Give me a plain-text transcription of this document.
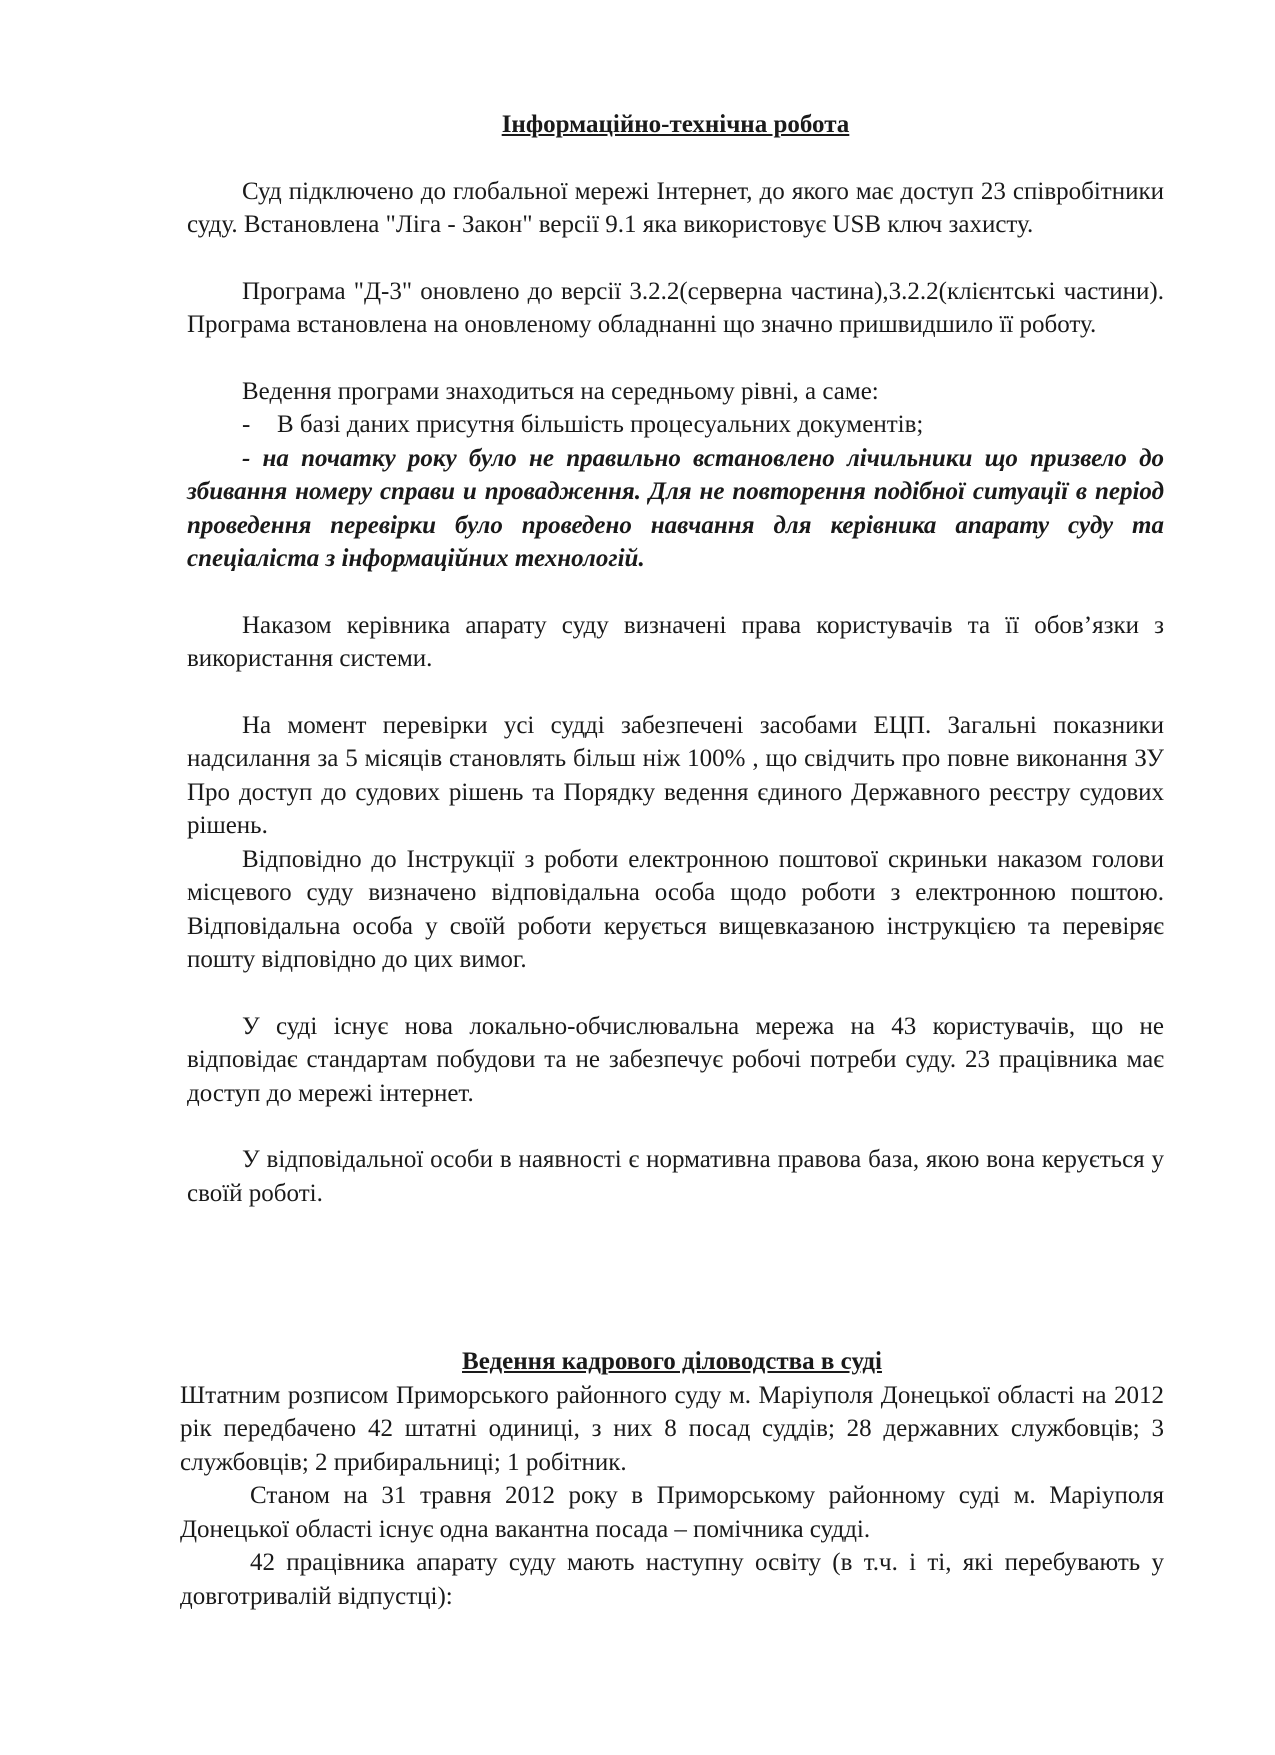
Інформаційно-технічна робота

Суд підключено до глобальної мережі Інтернет, до якого має доступ 23 співробітники суду. Встановлена "Ліга - Закон" версії 9.1 яка використовує USB ключ захисту.

Програма "Д-3" оновлено до версії 3.2.2(серверна частина),3.2.2(клієнтські частини). Програма встановлена на оновленому обладнанні що значно пришвидшило її роботу.

Ведення програми знаходиться на середньому рівні, а саме:

- В базі даних присутня більшість процесуальних документів;

- на початку року було не правильно встановлено лічильники що призвело до збивання номеру справи и провадження. Для не повторення подібної ситуації в період проведення перевірки було проведено навчання для керівника апарату суду та спеціаліста з інформаційних технологій.

Наказом керівника апарату суду визначені права користувачів та її обов’язки з використання системи.

На момент перевірки усі судді забезпечені засобами ЕЦП. Загальні показники надсилання за 5 місяців становлять більш ніж 100% , що свідчить про повне виконання ЗУ Про доступ до судових рішень та Порядку ведення єдиного Державного реєстру судових рішень.

Відповідно до Інструкції з роботи електронною поштової скриньки наказом голови місцевого суду визначено відповідальна особа щодо роботи з електронною поштою. Відповідальна особа у своїй роботи керується вищевказаною інструкцією та перевіряє пошту відповідно до цих вимог.

У суді існує нова локально-обчислювальна мережа на 43 користувачів, що не відповідає стандартам побудови та не забезпечує робочі потреби суду. 23 працівника має доступ до мережі інтернет.

У відповідальної особи в наявності є нормативна правова база, якою вона керується у своїй роботі.

Ведення кадрового діловодства в суді

Штатним розписом Приморського районного суду м. Маріуполя Донецької області на 2012 рік передбачено 42 штатні одиниці, з них 8 посад суддів; 28 державних службовців; 3 службовців; 2 прибиральниці; 1 робітник.

Станом на 31 травня 2012 року в Приморському районному суді м. Маріуполя Донецької області існує одна вакантна посада – помічника судді.

42 працівника апарату суду мають наступну освіту (в т.ч. і ті, які перебувають у довготривалій відпустці):
